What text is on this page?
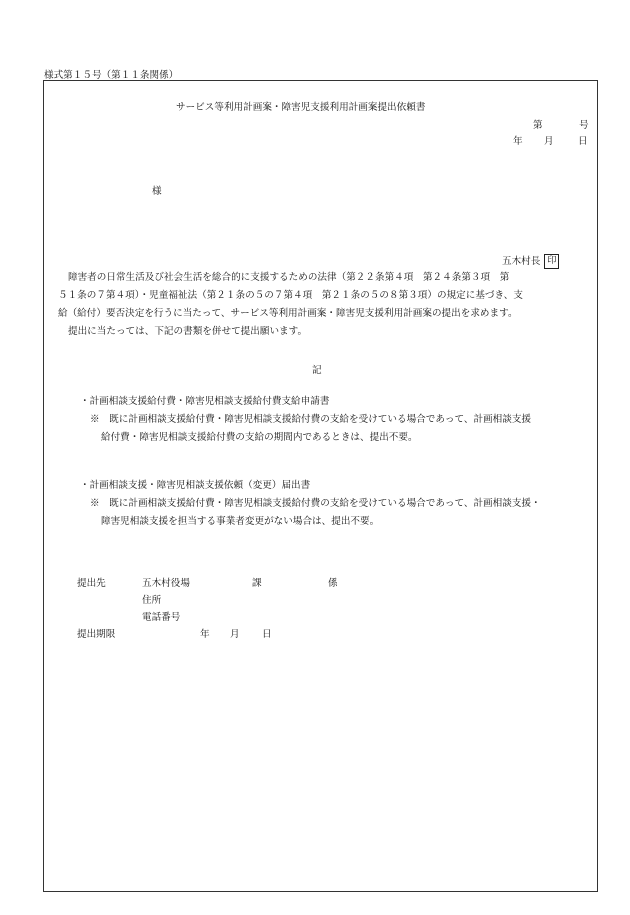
様式第１５号（第１１条関係）
サービス等利用計画案・障害児支援利用計画案提出依頼書
第	号
年 月	日
様
五木村長 印
障害者の日常生活及び社会生活を総合的に支援するための法律（第２２条第４項　第２４条第３項　第
５１条の７第４項）・児童福祉法（第２１条の５の７第４項　第２１条の５の８第３項）の規定に基づき、支
給（給付）要否決定を行うに当たって、サービス等利用計画案・障害児支援利用計画案の提出を求めます。
提出に当たっては、下記の書類を併せて提出願います。
記
・計画相談支援給付費・障害児相談支援給付費支給申請書
※　既に計画相談支援給付費・障害児相談支援給付費の支給を受けている場合であって、計画相談支援
給付費・障害児相談支援給付費の支給の期間内であるときは、提出不要。
・計画相談支援・障害児相談支援依頼（変更）届出書
※　既に計画相談支援給付費・障害児相談支援給付費の支給を受けている場合であって、計画相談支援・
障害児相談支援を担当する事業者変更がない場合は、提出不要。
提出先	五木村役場	課	係
住所
電話番号
提出期限	年 月 日
